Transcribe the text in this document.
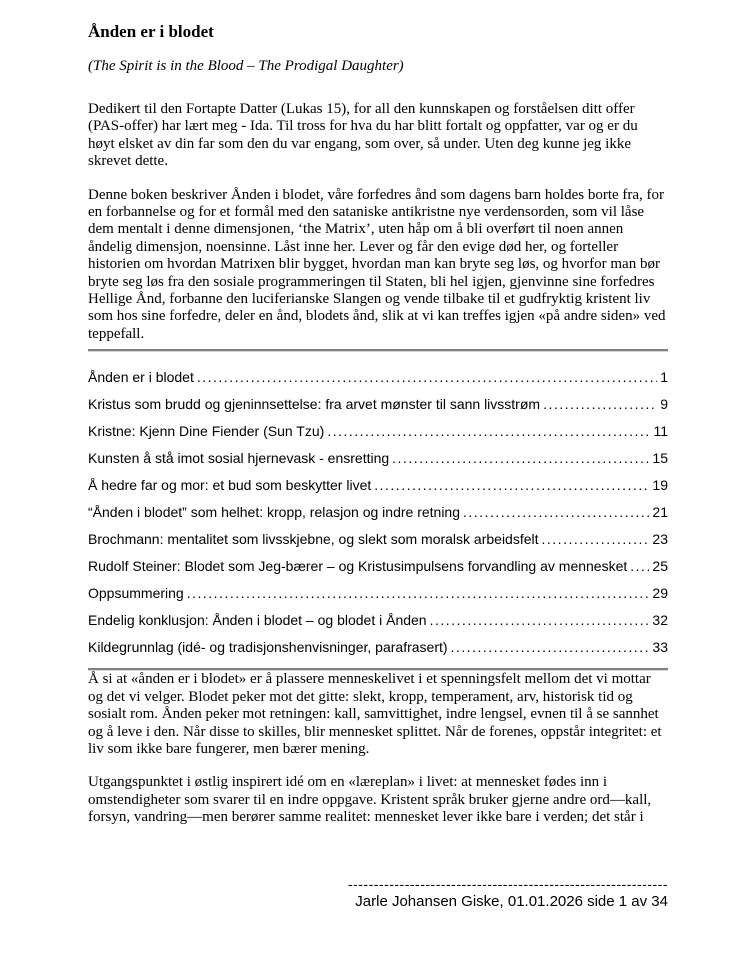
Ånden er i blodet
(The Spirit is in the Blood – The Prodigal Daughter)

Dedikert til den Fortapte Datter (Lukas 15), for all den kunnskapen og forståelsen ditt offer (PAS-offer) har lært meg - Ida. Til tross for hva du har blitt fortalt og oppfatter, var og er du høyt elsket av din far som den du var engang, som over, så under. Uten deg kunne jeg ikke skrevet dette.

Denne boken beskriver Ånden i blodet, våre forfedres ånd som dagens barn holdes borte fra, for en forbannelse og for et formål med den sataniske antikristne nye verdensorden, som vil låse dem mentalt i denne dimensjonen, ‘the Matrix’, uten håp om å bli overført til noen annen åndelig dimensjon, noensinne. Låst inne her. Lever og får den evige død her, og forteller historien om hvordan Matrixen blir bygget, hvordan man kan bryte seg løs, og hvorfor man bør bryte seg løs fra den sosiale programmeringen til Staten, bli hel igjen, gjenvinne sine forfedres Hellige Ånd, forbanne den luciferianske Slangen og vende tilbake til et gudfryktig kristent liv som hos sine forfedre, deler en ånd, blodets ånd, slik at vi kan treffes igjen «på andre siden» ved teppefall.

Ånden er i blodet .....	1
Kristus som brudd og gjeninnsettelse: fra arvet mønster til sann livsstrøm .....	9
Kristne: Kjenn Dine Fiender (Sun Tzu) .....	11
Kunsten å stå imot sosial hjernevask - ensretting .....	15
Å hedre far og mor: et bud som beskytter livet .....	19
“Ånden i blodet” som helhet: kropp, relasjon og indre retning .....	21
Brochmann: mentalitet som livsskjebne, og slekt som moralsk arbeidsfelt .....	23
Rudolf Steiner: Blodet som Jeg-bærer – og Kristusimpulsens forvandling av mennesket ..... 25
Oppsummering .....	29
Endelig konklusjon: Ånden i blodet – og blodet i Ånden .....	32
Kildegrunnlag (idé- og tradisjonshenvisninger, parafrasert) .....	33

Å si at «ånden er i blodet» er å plassere menneskelivet i et spenningsfelt mellom det vi mottar og det vi velger. Blodet peker mot det gitte: slekt, kropp, temperament, arv, historisk tid og sosialt rom. Ånden peker mot retningen: kall, samvittighet, indre lengsel, evnen til å se sannhet og å leve i den. Når disse to skilles, blir mennesket splittet. Når de forenes, oppstår integritet: et liv som ikke bare fungerer, men bærer mening.

Utgangspunktet i østlig inspirert idé om en «læreplan» i livet: at mennesket fødes inn i omstendigheter som svarer til en indre oppgave. Kristent språk bruker gjerne andre ord—kall, forsyn, vandring—men berører samme realitet: mennesket lever ikke bare i verden; det står i

--------------------------------------------------------------
Jarle Johansen Giske, 01.01.2026 side 1 av 34
